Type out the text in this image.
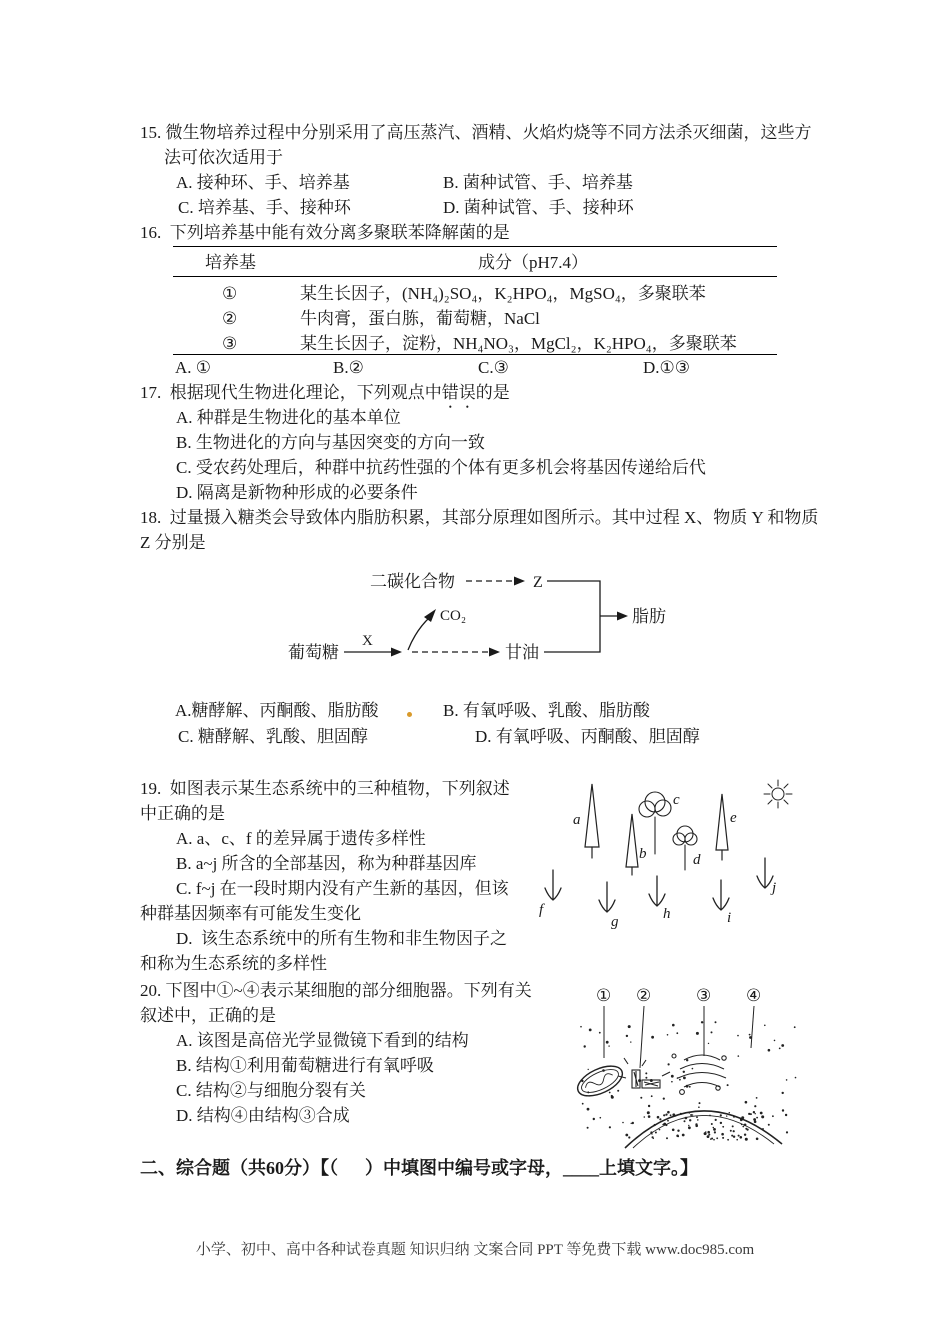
15. 微生物培养过程中分别采用了高压蒸汽、酒精、火焰灼烧等不同方法杀灭细菌，这些方
法可依次适用于
A. 接种环、手、培养基	B. 菌种试管、手、培养基
C. 培养基、手、接种环	D. 菌种试管、手、接种环
16.  下列培养基中能有效分离多聚联苯降解菌的是
培养基	成分（pH7.4）
①	某生长因子，(NH₄)₂SO₄，K₂HPO₄，MgSO₄，多聚联苯
②	牛肉膏，蛋白胨，葡萄糖，NaCl
③	某生长因子，淀粉，NH₄NO₃，MgCl₂，K₂HPO₄，多聚联苯
A. ①	B.②	C.③	D.①③
17.  根据现代生物进化理论，下列观点中错误的是
A. 种群是生物进化的基本单位
B. 生物进化的方向与基因突变的方向一致
C. 受农药处理后，种群中抗药性强的个体有更多机会将基因传递给后代
D. 隔离是新物种形成的必要条件
18.  过量摄入糖类会导致体内脂肪积累，其部分原理如图所示。其中过程 X、物质 Y 和物质
Z 分别是
二碳化合物	Z
脂肪
葡萄糖
X
甘油
CO₂
A.糖酵解、丙酮酸、脂肪酸	B. 有氧呼吸、乳酸、脂肪酸
C. 糖酵解、乳酸、胆固醇	D. 有氧呼吸、丙酮酸、胆固醇
19.  如图表示某生态系统中的三种植物，下列叙述
中正确的是
A. a、c、f 的差异属于遗传多样性
B. a~j 所含的全部基因，称为种群基因库
C. f~j 在一段时期内没有产生新的基因，但该
种群基因频率有可能发生变化
D.  该生态系统中的所有生物和非生物因子之
和称为生态系统的多样性
a
b
c
d
e
f
g	h	i
j
20. 下图中①~④表示某细胞的部分细胞器。下列有关
叙述中，正确的是
A. 该图是高倍光学显微镜下看到的结构
B. 结构①利用葡萄糖进行有氧呼吸
C. 结构②与细胞分裂有关
D. 结构④由结构③合成
① ②	③ ④
二、综合题（共60分）【（      ）中填图中编号或字母，____上填文字。】
小学、初中、高中各种试卷真题 知识归纳 文案合同 PPT 等免费下载 www.doc985.com
